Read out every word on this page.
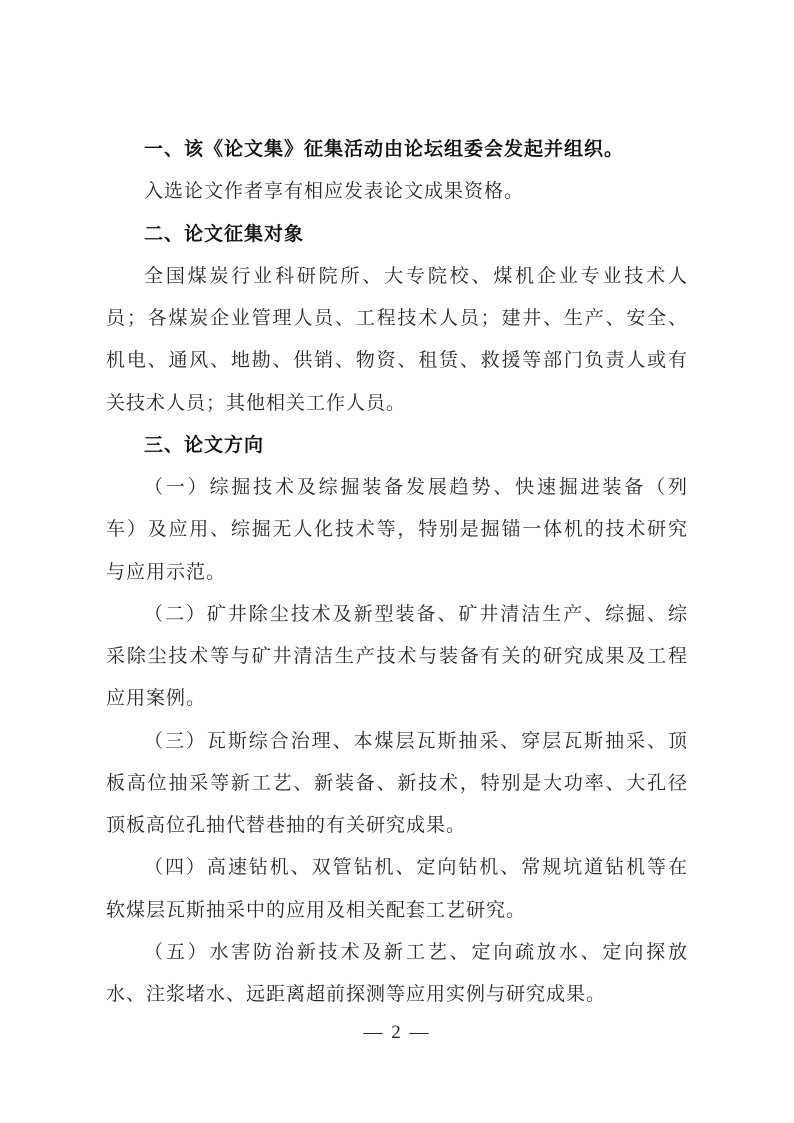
一、该《论文集》征集活动由论坛组委会发起并组织。
入选论文作者享有相应发表论文成果资格。
二、论文征集对象
全国煤炭行业科研院所、大专院校、煤机企业专业技术人
员；各煤炭企业管理人员、工程技术人员；建井、生产、安全、
机电、通风、地勘、供销、物资、租赁、救援等部门负责人或有
关技术人员；其他相关工作人员。
三、论文方向
（一）综掘技术及综掘装备发展趋势、快速掘进装备（列
车）及应用、综掘无人化技术等，特别是掘锚一体机的技术研究
与应用示范。
（二）矿井除尘技术及新型装备、矿井清洁生产、综掘、综
采除尘技术等与矿井清洁生产技术与装备有关的研究成果及工程
应用案例。
（三）瓦斯综合治理、本煤层瓦斯抽采、穿层瓦斯抽采、顶
板高位抽采等新工艺、新装备、新技术，特别是大功率、大孔径
顶板高位孔抽代替巷抽的有关研究成果。
（四）高速钻机、双管钻机、定向钻机、常规坑道钻机等在
软煤层瓦斯抽采中的应用及相关配套工艺研究。
（五）水害防治新技术及新工艺、定向疏放水、定向探放
水、注浆堵水、远距离超前探测等应用实例与研究成果。
— 2 —
